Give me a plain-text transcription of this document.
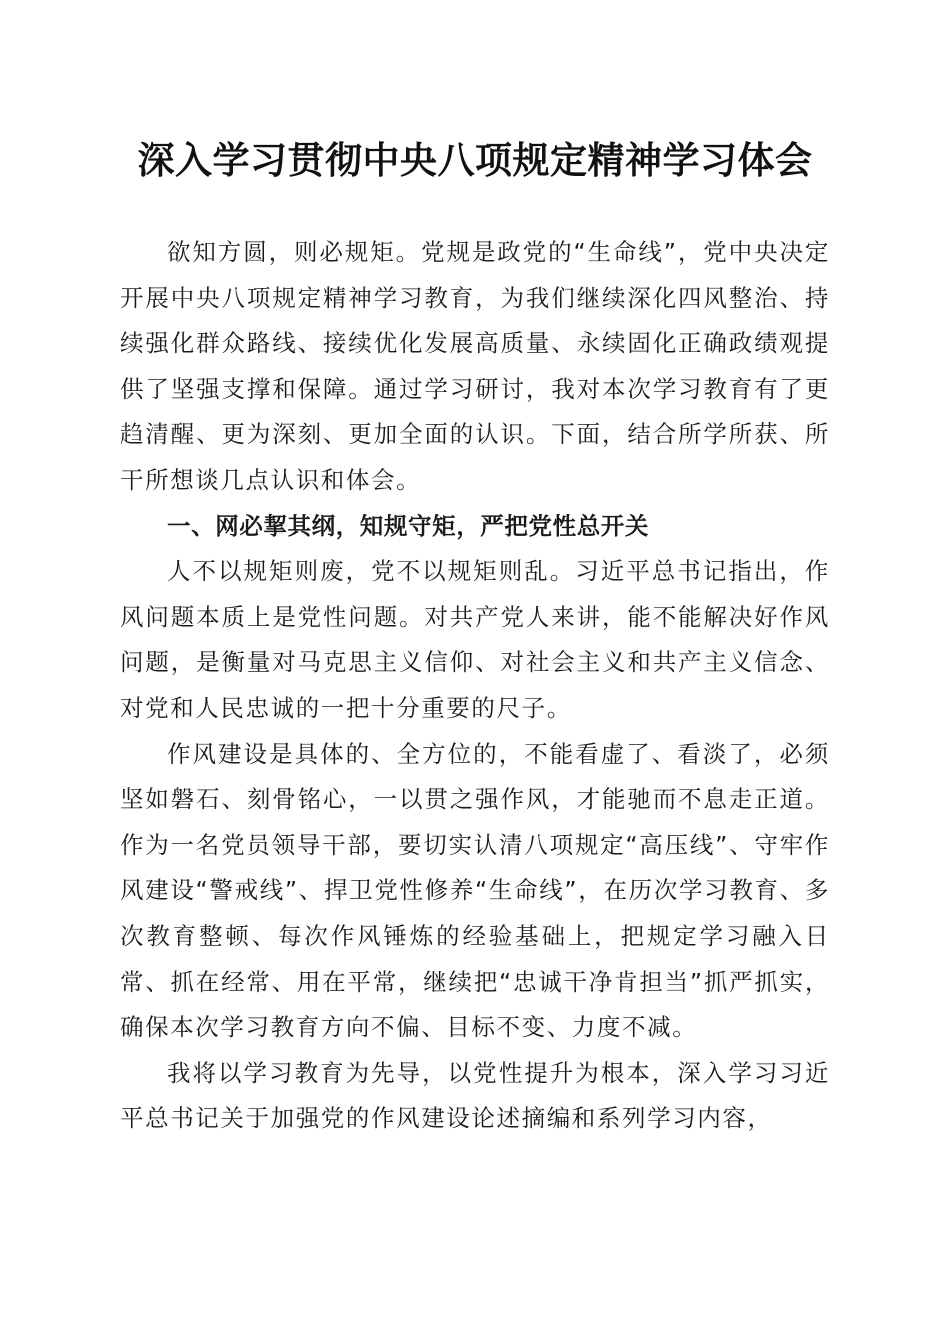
深入学习贯彻中央八项规定精神学习体会

欲知方圆，则必规矩。党规是政党的“生命线”，党中央决定开展中央八项规定精神学习教育，为我们继续深化四风整治、持续强化群众路线、接续优化发展高质量、永续固化正确政绩观提供了坚强支撑和保障。通过学习研讨，我对本次学习教育有了更趋清醒、更为深刻、更加全面的认识。下面，结合所学所获、所干所想谈几点认识和体会。

一、网必挈其纲，知规守矩，严把党性总开关

人不以规矩则废，党不以规矩则乱。习近平总书记指出，作风问题本质上是党性问题。对共产党人来讲，能不能解决好作风问题，是衡量对马克思主义信仰、对社会主义和共产主义信念、对党和人民忠诚的一把十分重要的尺子。

作风建设是具体的、全方位的，不能看虚了、看淡了，必须坚如磐石、刻骨铭心，一以贯之强作风，才能驰而不息走正道。作为一名党员领导干部，要切实认清八项规定“高压线”、守牢作风建设“警戒线”、捍卫党性修养“生命线”，在历次学习教育、多次教育整顿、每次作风锤炼的经验基础上，把规定学习融入日常、抓在经常、用在平常，继续把“忠诚干净肯担当”抓严抓实，确保本次学习教育方向不偏、目标不变、力度不减。

我将以学习教育为先导，以党性提升为根本，深入学习习近平总书记关于加强党的作风建设论述摘编和系列学习内容，
